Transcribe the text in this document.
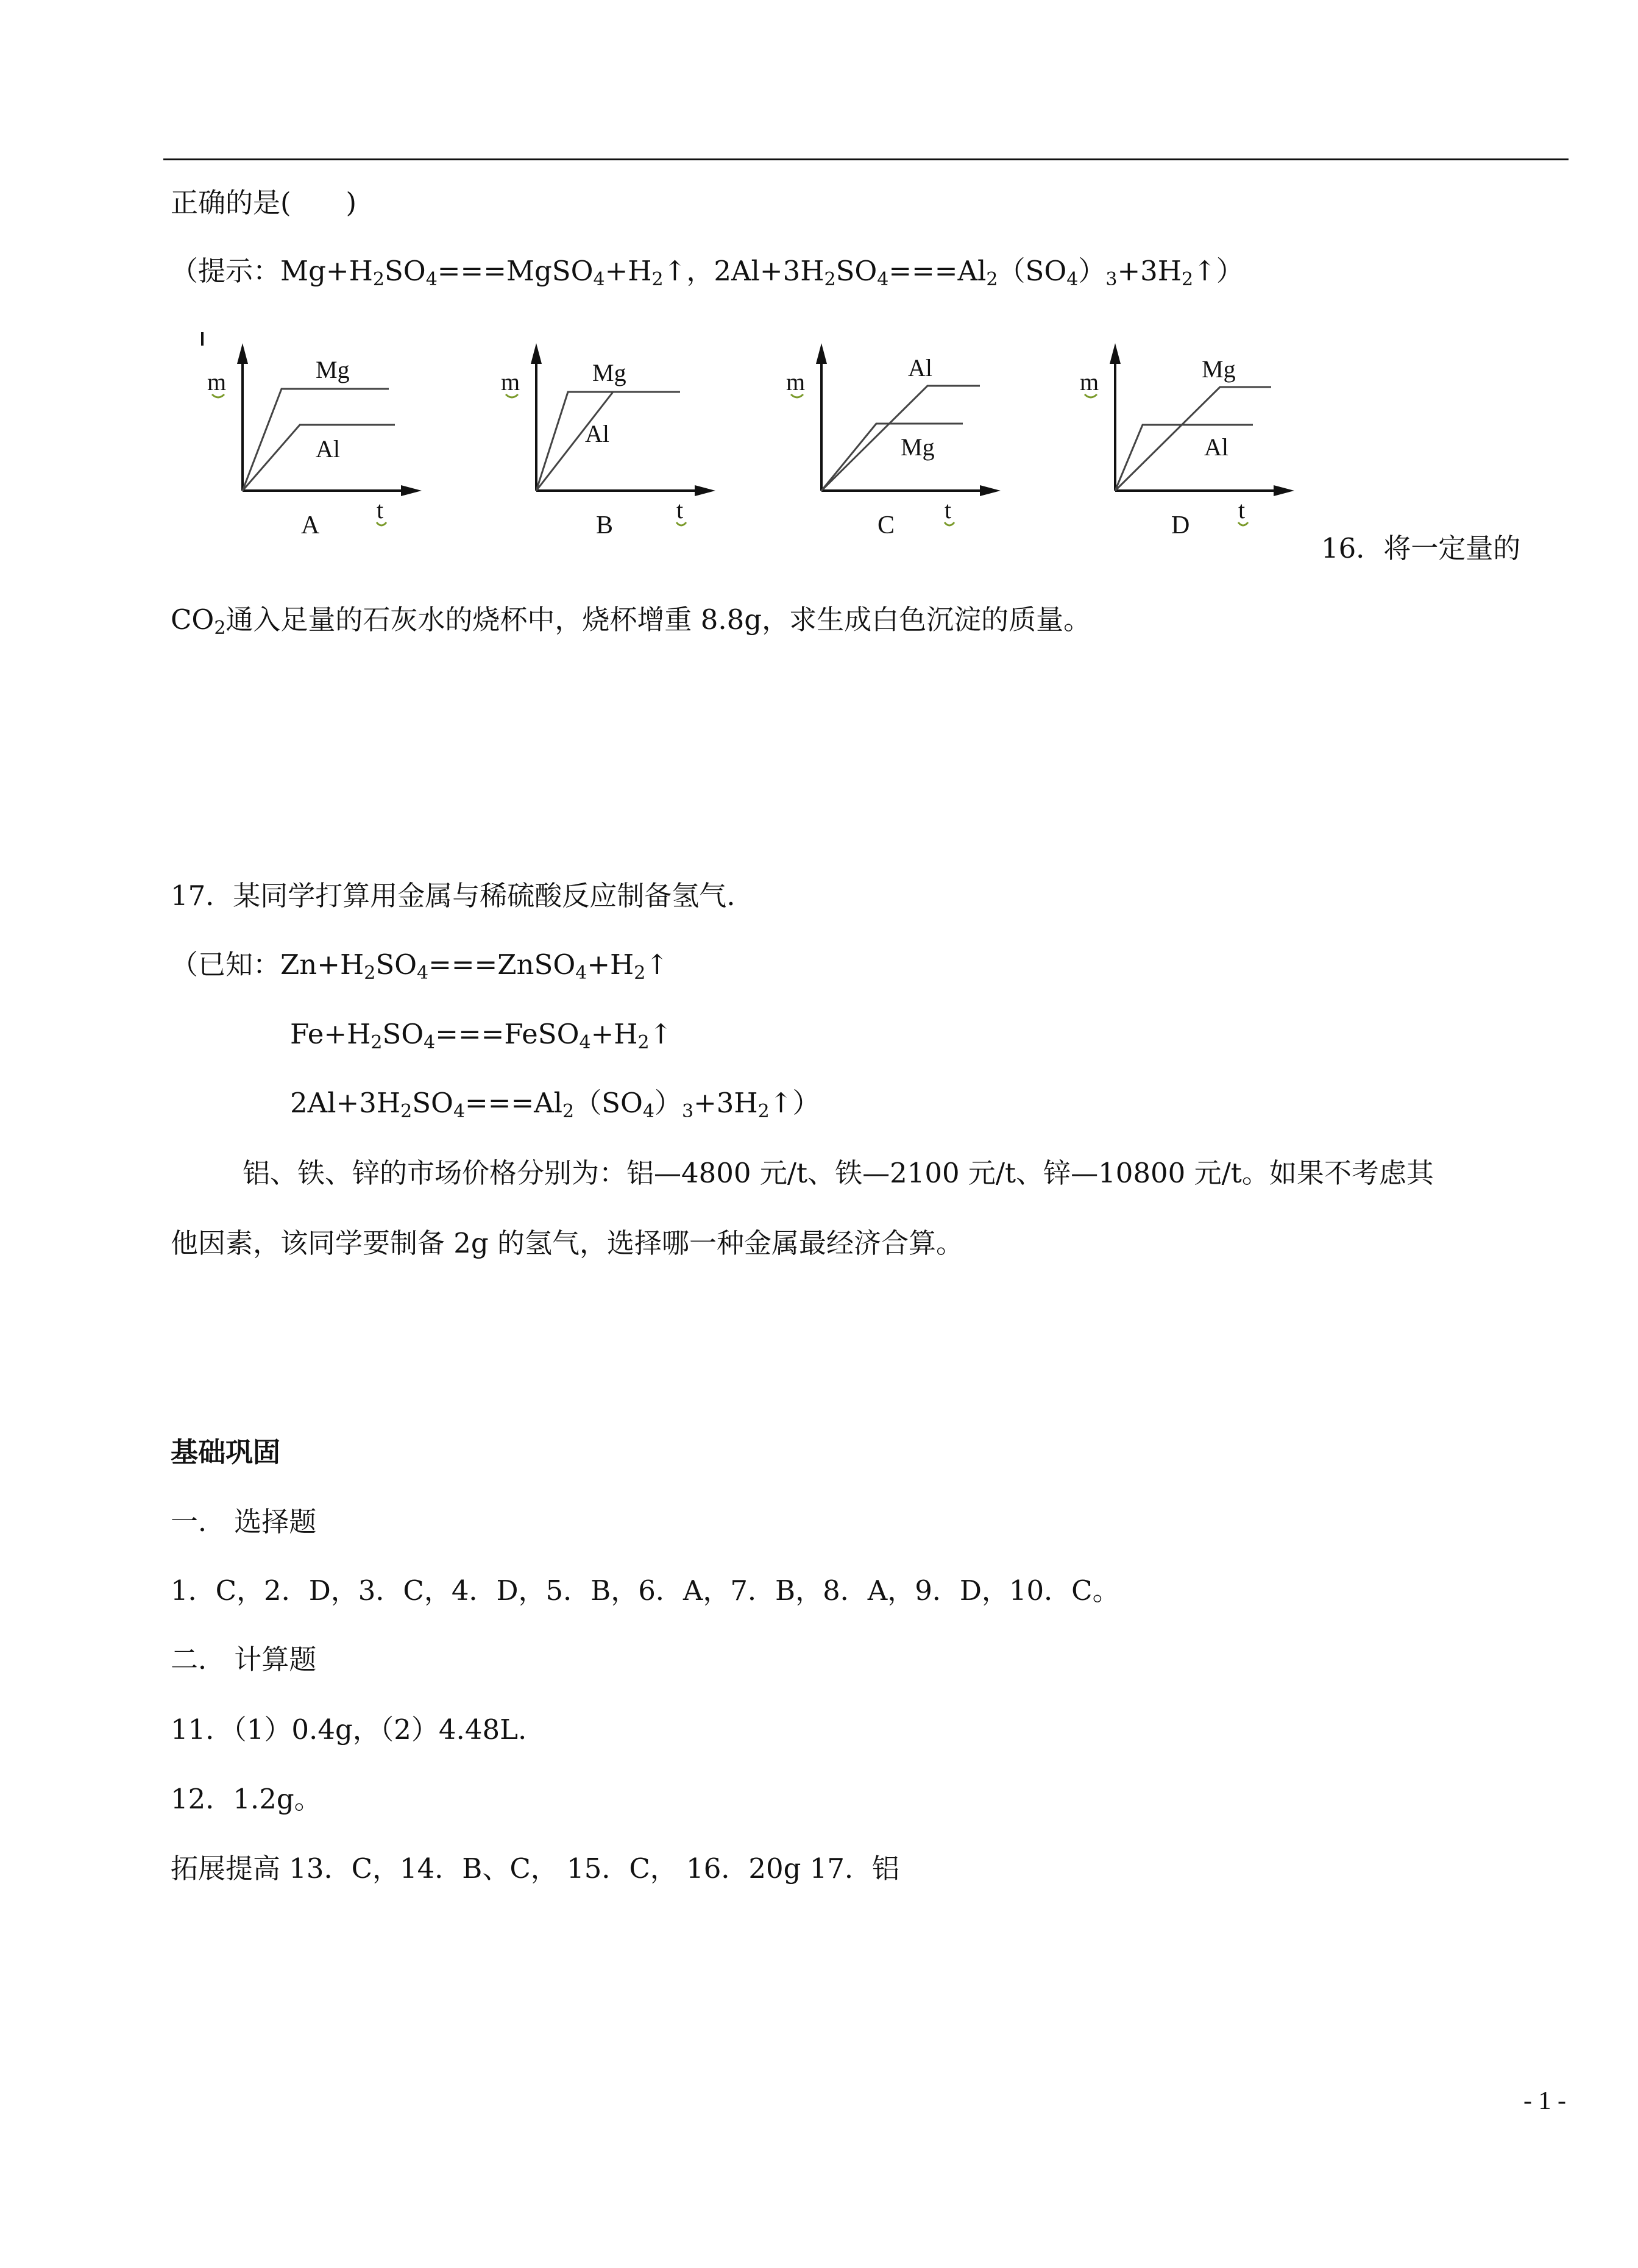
正确的是(　　)
（提示：$Mg+H_2SO_4===MgSO_4+H_2↑$，$2Al+3H_2SO_4===Al_2(SO_4)_3+3H_2↑$）
m	Mg
Al
A
t
m	Mg
Al
B
t
m
Al
Mg
C
t
m	Mg
Al
D
t
16．将一定量的
$CO_2$通入足量的石灰水的烧杯中，烧杯增重 8.8g，求生成白色沉淀的质量。
17．某同学打算用金属与稀硫酸反应制备氢气.
（已知：$Zn+H_2SO_4===ZnSO_4+H_2↑$
$Fe+H_2SO_4===FeSO_4+H_2↑$
$2Al+3H_2SO_4===Al_2(SO_4)_3+3H_2↑$）
铝、铁、锌的市场价格分别为：铝—4800 元/t、铁—2100 元/t、锌—10800 元/t。如果不考虑其
他因素，该同学要制备 2g 的氢气，选择哪一种金属最经济合算。
基础巩固
一． 选择题
1．C，2．D，3．C，4．D，5．B，6．A，7．B，8．A，9．D，10．C。
二． 计算题
11．（1）0.4g，（2）4.48L.
12．1.2g。
拓展提高 13．C，14．B、C， 15．C， 16．20g 17．铝
- 1 -
